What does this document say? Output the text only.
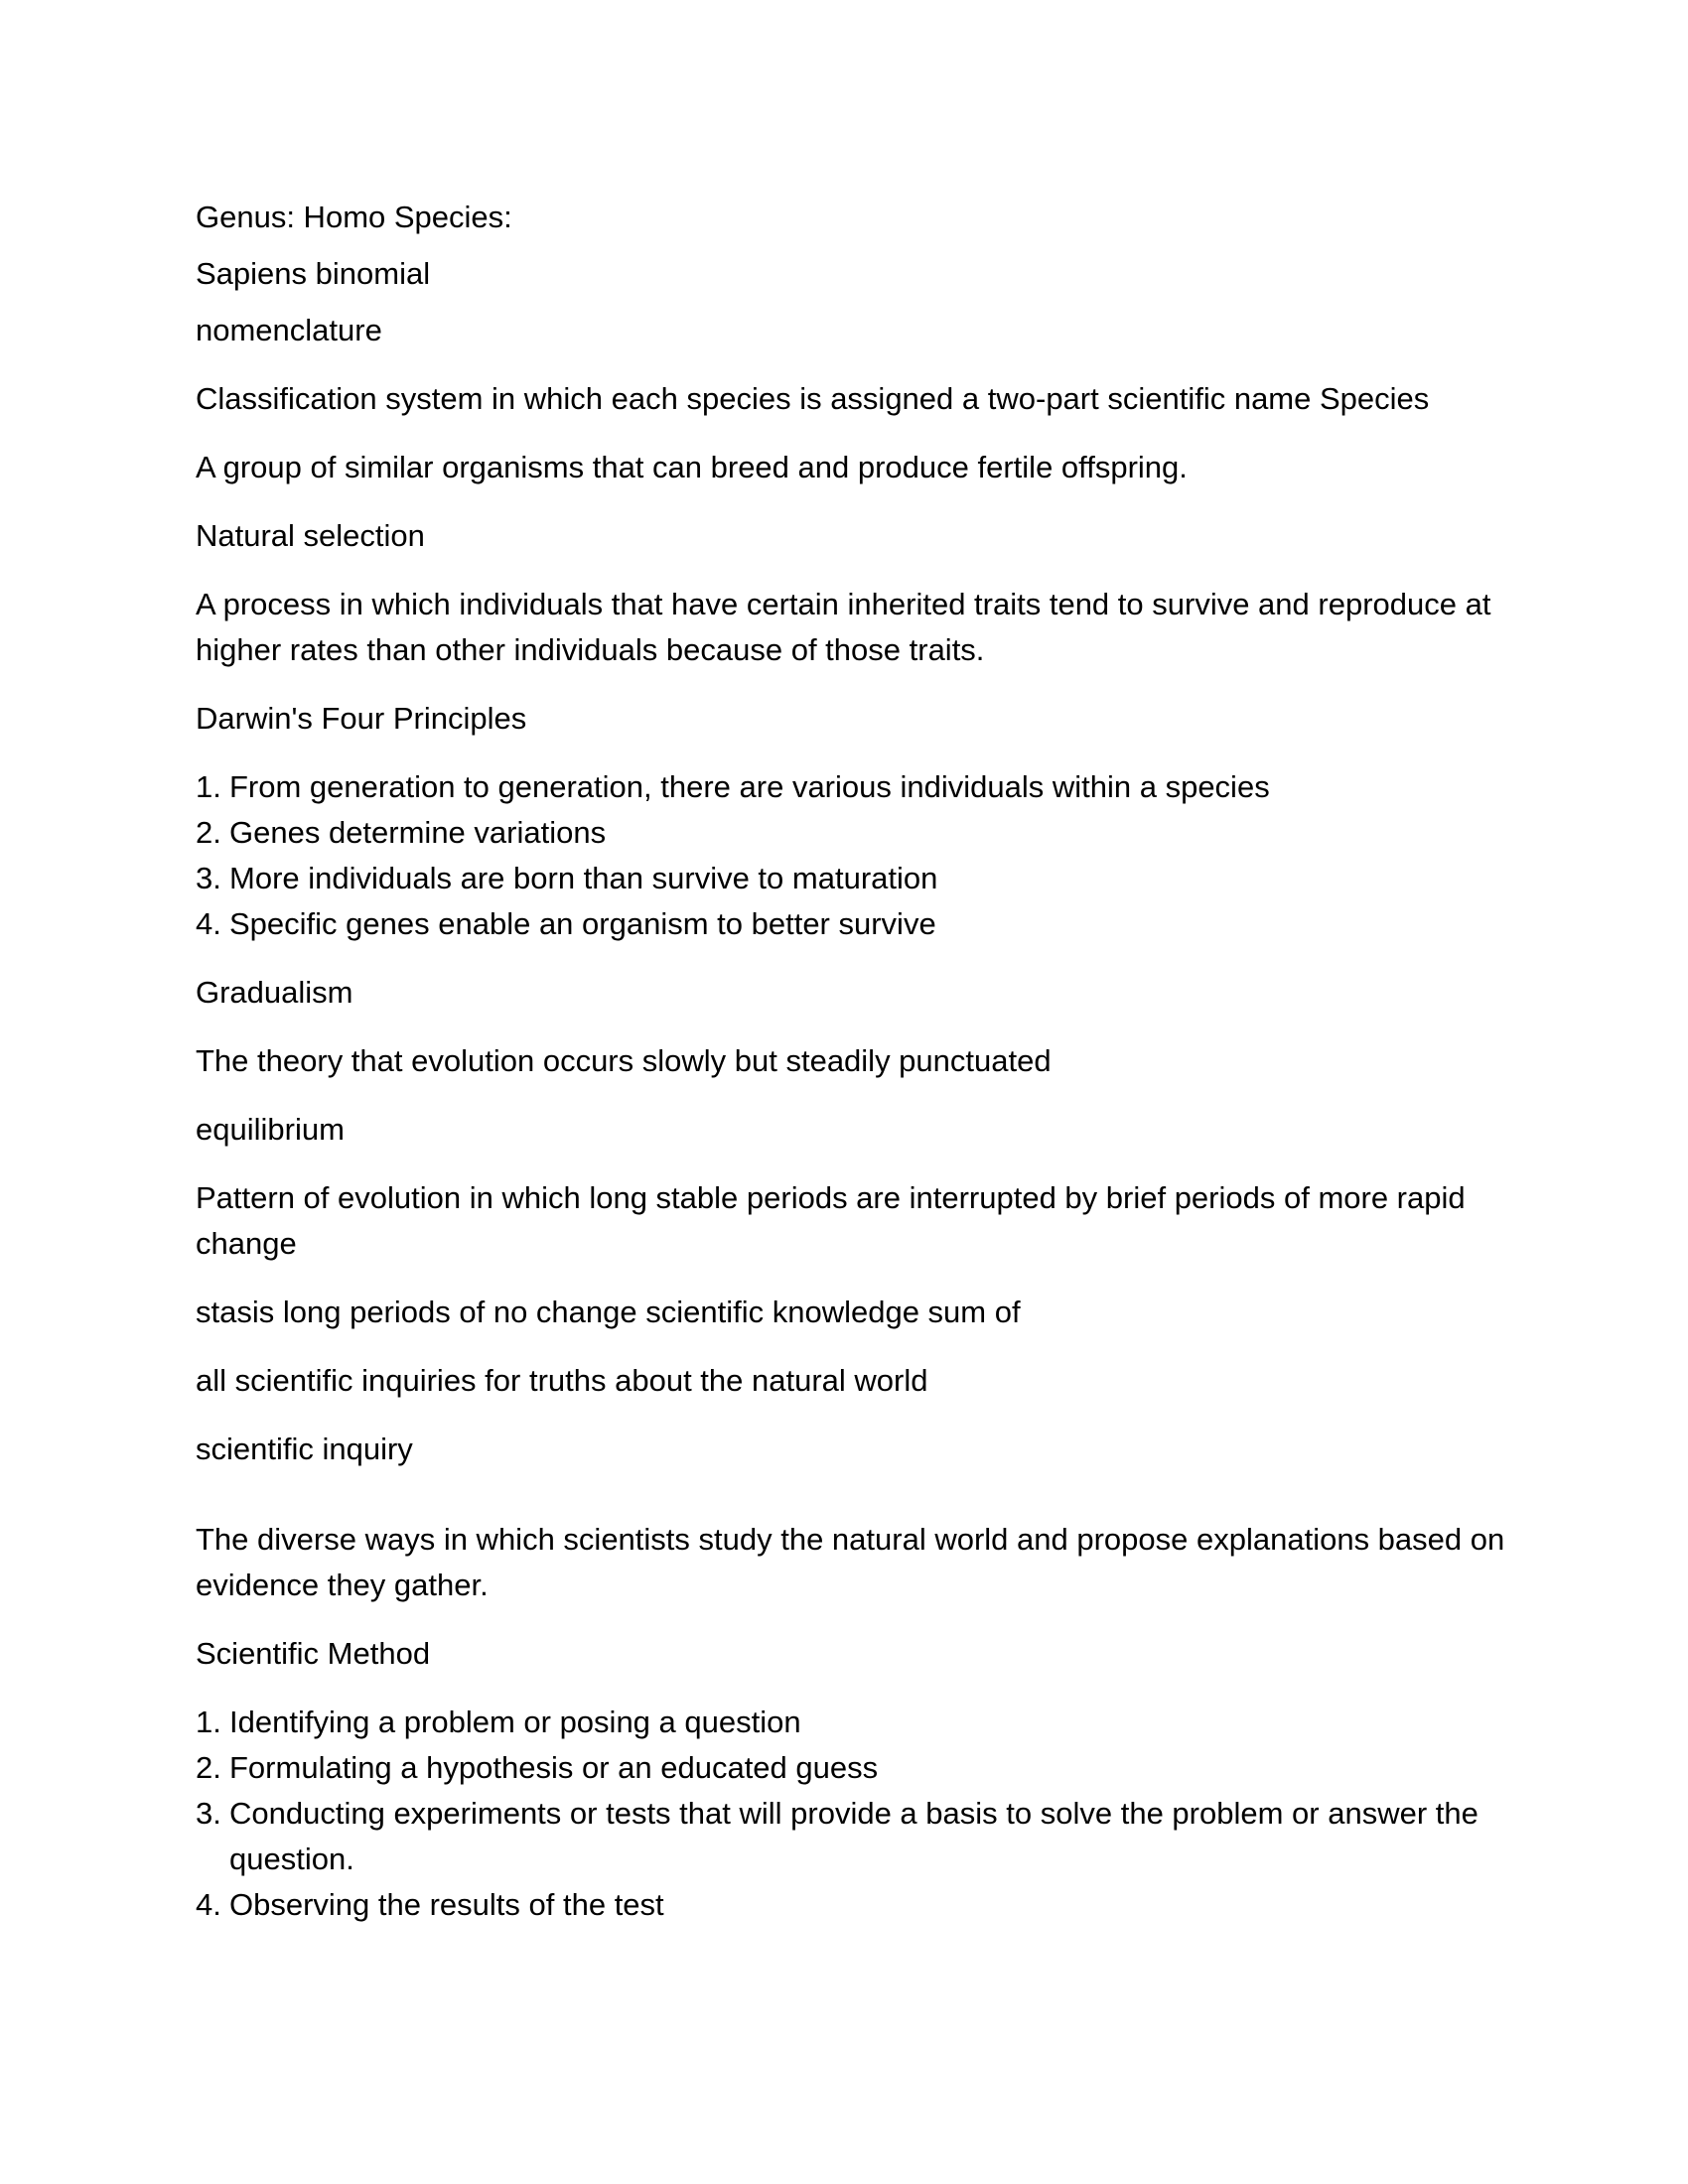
Genus: Homo Species:

Sapiens binomial

nomenclature

Classification system in which each species is assigned a two-part scientific name Species

A group of similar organisms that can breed and produce fertile offspring.

Natural selection

A process in which individuals that have certain inherited traits tend to survive and reproduce at higher rates than other individuals because of those traits.

Darwin's Four Principles

1. From generation to generation, there are various individuals within a species
2. Genes determine variations
3. More individuals are born than survive to maturation
4. Specific genes enable an organism to better survive

Gradualism

The theory that evolution occurs slowly but steadily punctuated

equilibrium

Pattern of evolution in which long stable periods are interrupted by brief periods of more rapid change

stasis long periods of no change scientific knowledge sum of

all scientific inquiries for truths about the natural world

scientific inquiry

The diverse ways in which scientists study the natural world and propose explanations based on evidence they gather.

Scientific Method

1. Identifying a problem or posing a question
2. Formulating a hypothesis or an educated guess
3. Conducting experiments or tests that will provide a basis to solve the problem or answer the question.
4. Observing the results of the test
